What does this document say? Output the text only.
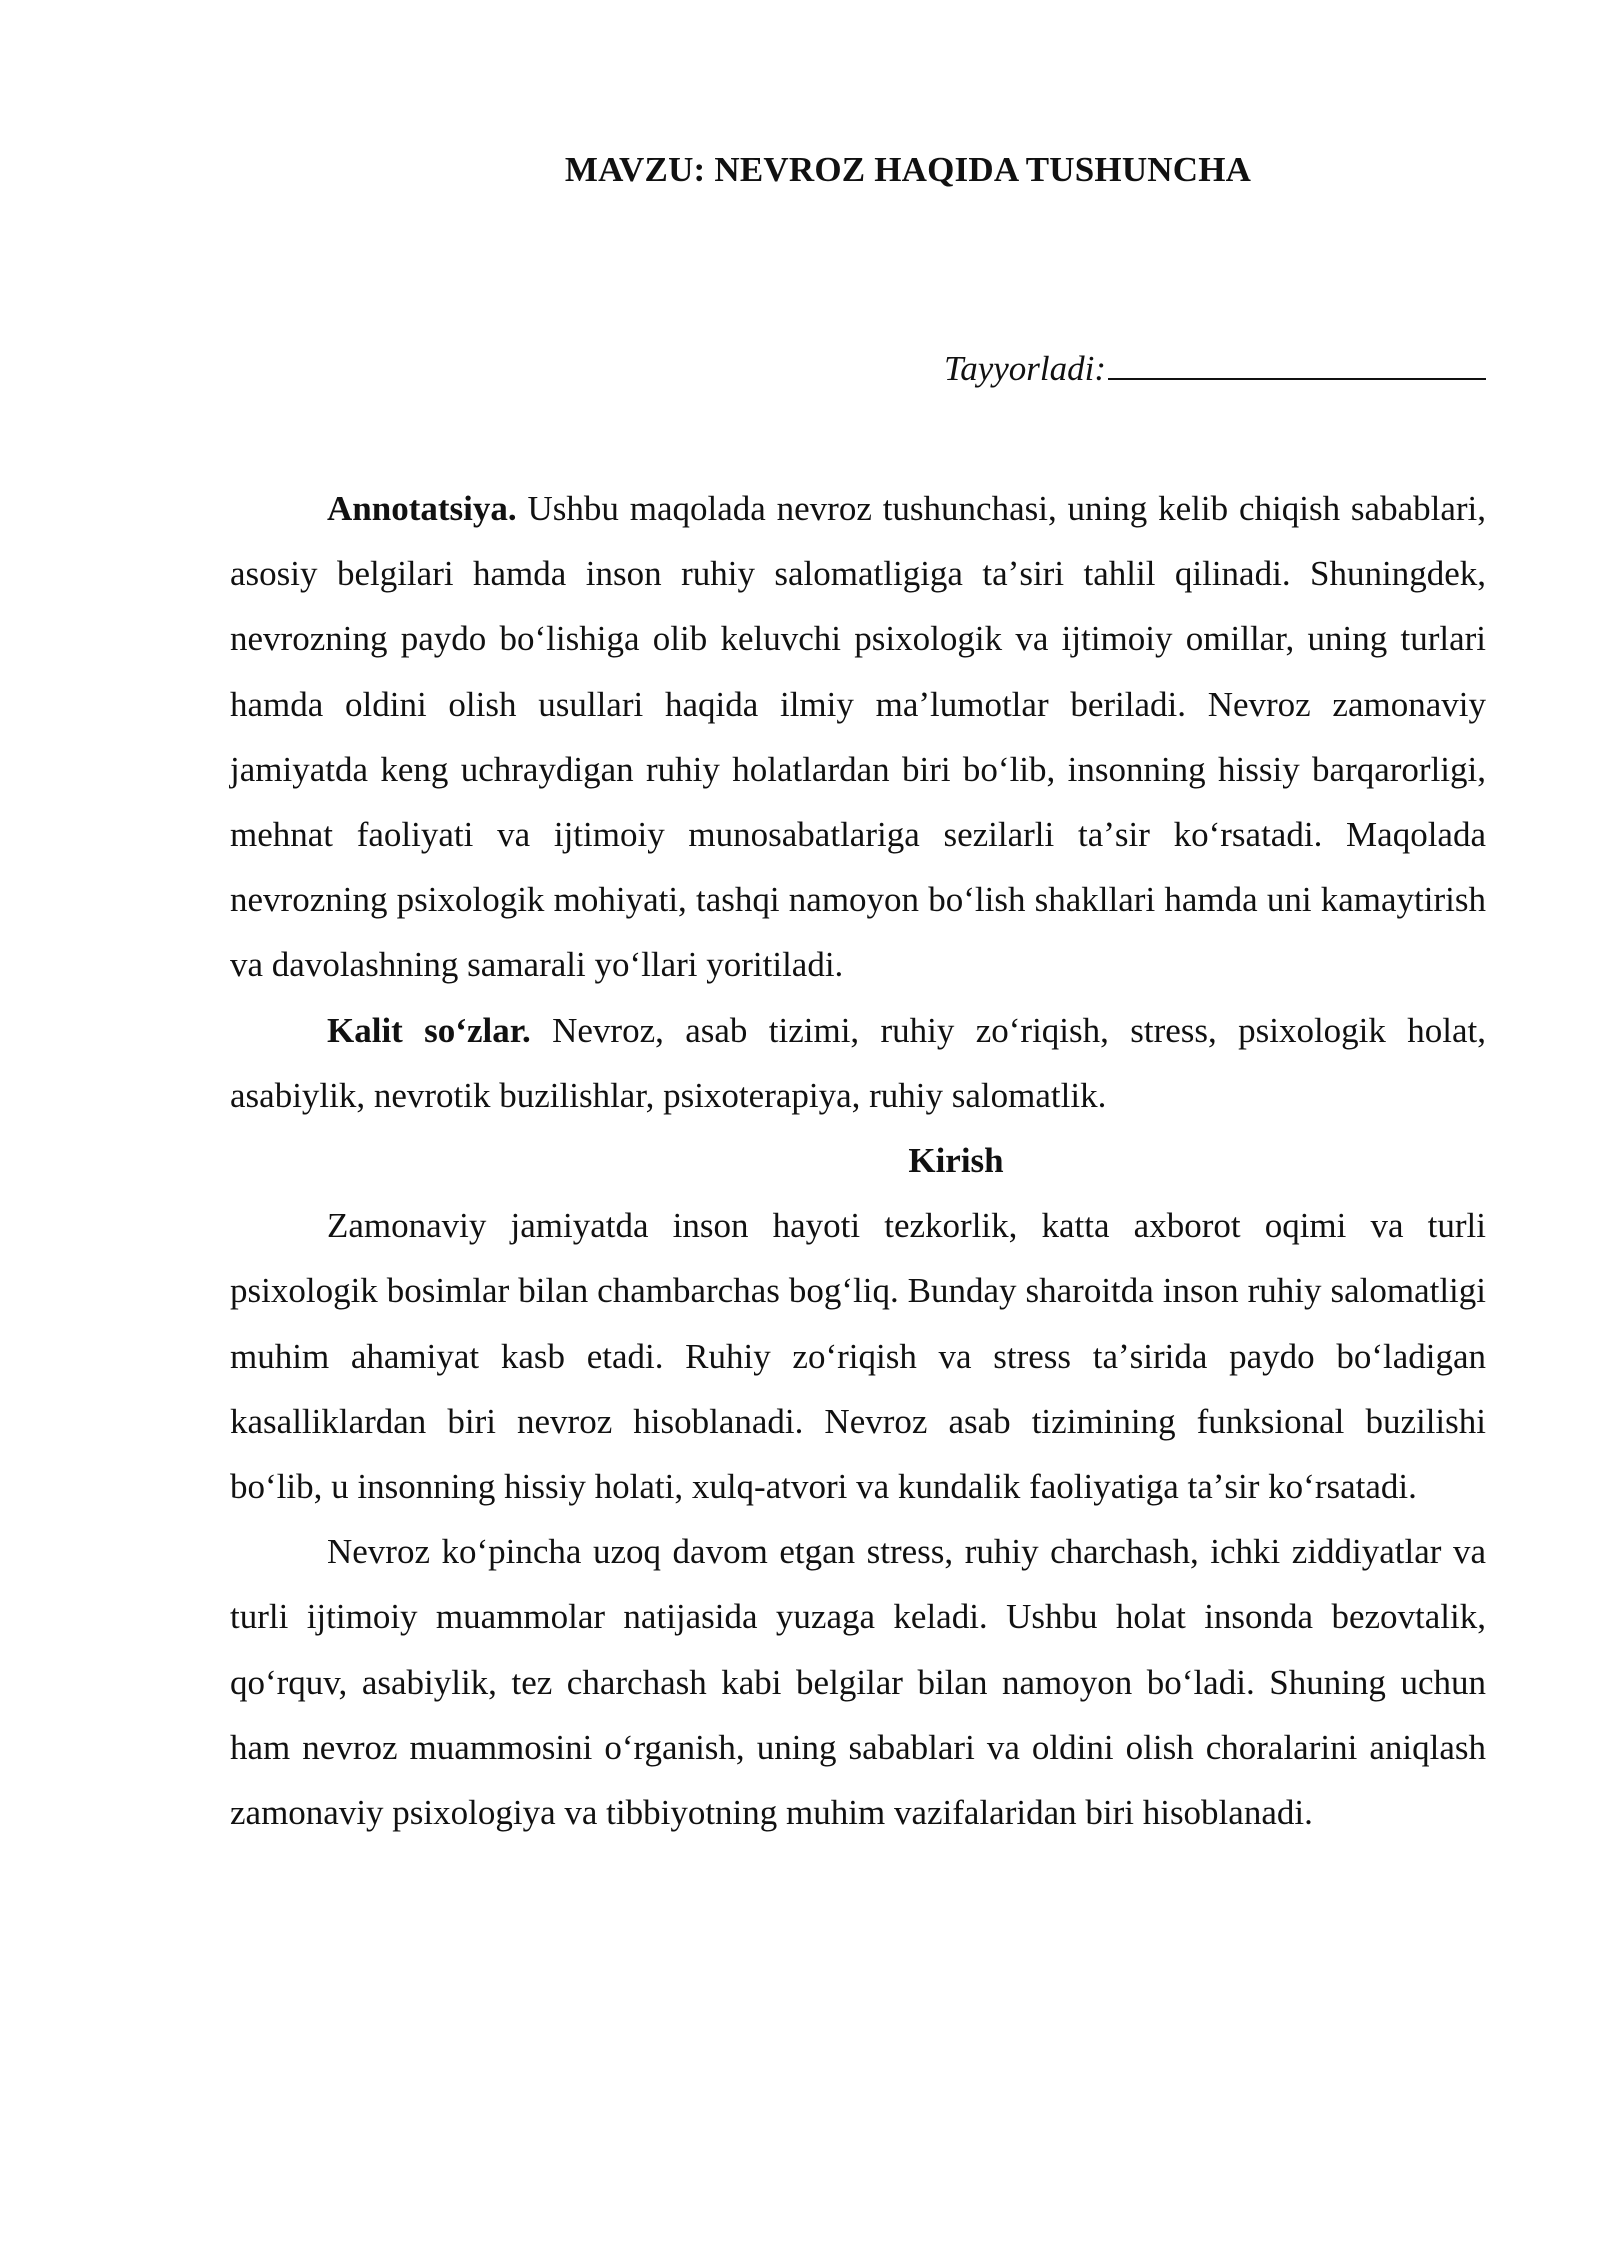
MAVZU: NEVROZ HAQIDA TUSHUNCHA
Tayyorladi:

Annotatsiya. Ushbu maqolada nevroz tushunchasi, uning kelib chiqish sabablari, asosiy belgilari hamda inson ruhiy salomatligiga taʼsiri tahlil qilinadi. Shuningdek, nevrozning paydo boʻlishiga olib keluvchi psixologik va ijtimoiy omillar, uning turlari hamda oldini olish usullari haqida ilmiy maʼlumotlar beriladi. Nevroz zamonaviy jamiyatda keng uchraydigan ruhiy holatlardan biri boʻlib, insonning hissiy barqarorligi, mehnat faoliyati va ijtimoiy munosabatlariga sezilarli taʼsir koʻrsatadi. Maqolada nevrozning psixologik mohiyati, tashqi namoyon boʻlish shakllari hamda uni kamaytirish va davolashning samarali yoʻllari yoritiladi.

Kalit soʻzlar. Nevroz, asab tizimi, ruhiy zoʻriqish, stress, psixologik holat, asabiylik, nevrotik buzilishlar, psixoterapiya, ruhiy salomatlik.

Kirish

Zamonaviy jamiyatda inson hayoti tezkorlik, katta axborot oqimi va turli psixologik bosimlar bilan chambarchas bogʻliq. Bunday sharoitda inson ruhiy salomatligi muhim ahamiyat kasb etadi. Ruhiy zoʻriqish va stress taʼsirida paydo boʻladigan kasalliklardan biri nevroz hisoblanadi. Nevroz asab tizimining funksional buzilishi boʻlib, u insonning hissiy holati, xulq-atvori va kundalik faoliyatiga taʼsir koʻrsatadi.

Nevroz koʻpincha uzoq davom etgan stress, ruhiy charchash, ichki ziddiyatlar va turli ijtimoiy muammolar natijasida yuzaga keladi. Ushbu holat insonda bezovtalik, qoʻrquv, asabiylik, tez charchash kabi belgilar bilan namoyon boʻladi. Shuning uchun ham nevroz muammosini oʻrganish, uning sabablari va oldini olish choralarini aniqlash zamonaviy psixologiya va tibbiyotning muhim vazifalaridan biri hisoblanadi.
